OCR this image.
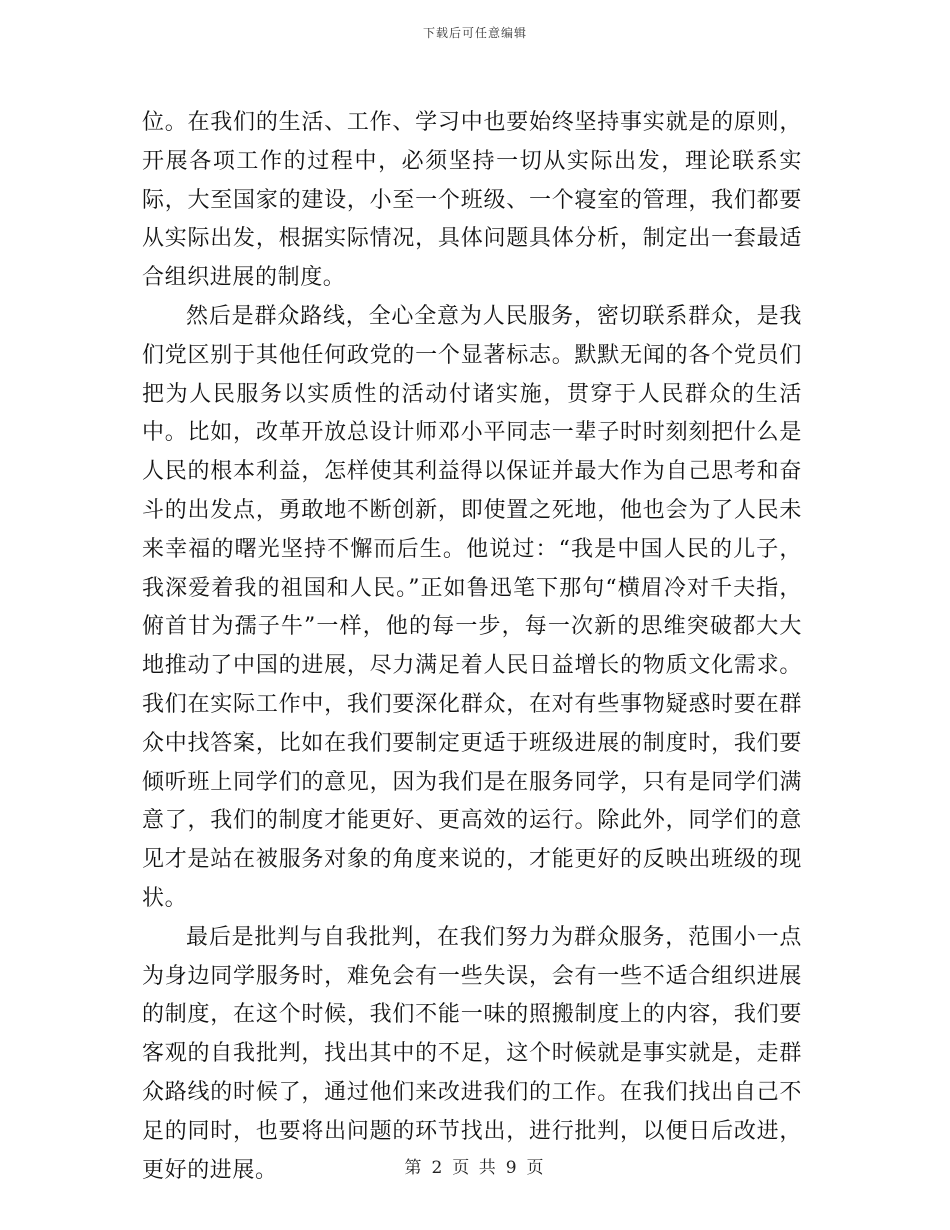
下载后可任意编辑

位。在我们的生活、工作、学习中也要始终坚持事实就是的原则，开展各项工作的过程中，必须坚持一切从实际出发，理论联系实际，大至国家的建设，小至一个班级、一个寝室的管理，我们都要从实际出发，根据实际情况，具体问题具体分析，制定出一套最适合组织进展的制度。

然后是群众路线，全心全意为人民服务，密切联系群众，是我们党区别于其他任何政党的一个显著标志。默默无闻的各个党员们把为人民服务以实质性的活动付诸实施，贯穿于人民群众的生活中。比如，改革开放总设计师邓小平同志一辈子时时刻刻把什么是人民的根本利益，怎样使其利益得以保证并最大作为自己思考和奋斗的出发点，勇敢地不断创新，即使置之死地，他也会为了人民未来幸福的曙光坚持不懈而后生。他说过：“我是中国人民的儿子，我深爱着我的祖国和人民。”正如鲁迅笔下那句“横眉冷对千夫指，俯首甘为孺子牛”一样，他的每一步，每一次新的思维突破都大大地推动了中国的进展，尽力满足着人民日益增长的物质文化需求。我们在实际工作中，我们要深化群众，在对有些事物疑惑时要在群众中找答案，比如在我们要制定更适于班级进展的制度时，我们要倾听班上同学们的意见，因为我们是在服务同学，只有是同学们满意了，我们的制度才能更好、更高效的运行。除此外，同学们的意见才是站在被服务对象的角度来说的，才能更好的反映出班级的现状。

最后是批判与自我批判，在我们努力为群众服务，范围小一点为身边同学服务时，难免会有一些失误，会有一些不适合组织进展的制度，在这个时候，我们不能一味的照搬制度上的内容，我们要客观的自我批判，找出其中的不足，这个时候就是事实就是，走群众路线的时候了，通过他们来改进我们的工作。在我们找出自己不足的同时，也要将出问题的环节找出，进行批判，以便日后改进，更好的进展。	第 2 页 共 9 页
